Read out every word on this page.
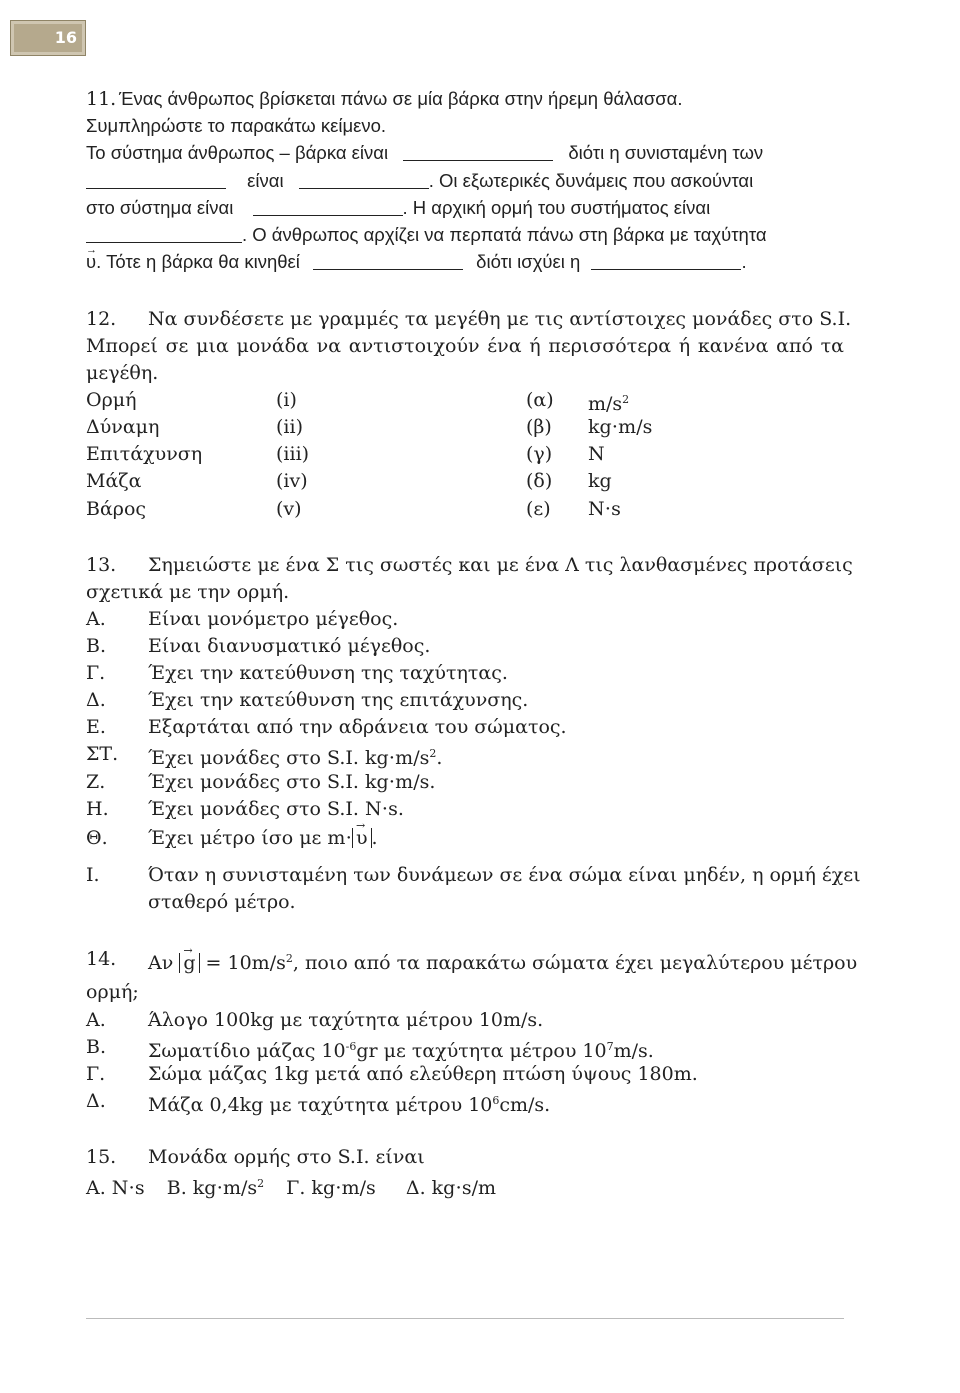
16
11. Ένας άνθρωπος βρίσκεται πάνω σε μία βάρκα στην ήρεμη θάλασσα.
Συμπληρώστε το παρακάτω κείμενο.
Το σύστημα άνθρωπος – βάρκα είναι	διότι η συνισταμένη των
είναι	. Οι εξωτερικές δυνάμεις που ασκούνται
στο σύστημα είναι	. Η αρχική ορμή του συστήματος είναι
. Ο άνθρωπος αρχίζει να περπατά πάνω στη βάρκα με ταχύτητα
→ υ. Τότε η βάρκα θα κινηθεί	διότι ισχύει η	.
12. Να συνδέσετε με γραμμές τα μεγέθη με τις αντίστοιχες μονάδες στο S.I.
Μπορεί σε μια μονάδα να αντιστοιχούν ένα ή περισσότερα ή κανένα από τα
μεγέθη.
Ορμή	(i)	(α) $m/s^2$
Δύναμη	(ii)	(β) kg⋅m/s
Επιτάχυνση	(iii)	(γ) N
Μάζα	(iv)	(δ) kg
Βάρος	(v)	(ε) N⋅s
13. Σημειώστε με ένα Σ τις σωστές και με ένα Λ τις λανθασμένες προτάσεις
σχετικά με την ορμή.
Α. Είναι μονόμετρο μέγεθος.
Β. Είναι διανυσματικό μέγεθος.
Γ. Έχει την κατεύθυνση της ταχύτητας.
Δ. Έχει την κατεύθυνση της επιτάχυνσης.
Ε. Εξαρτάται από την αδράνεια του σώματος.
ΣΤ. Έχει μονάδες στο S.I. $kg\cdot m/s^2$.
Ζ. Έχει μονάδες στο S.I. kg⋅m/s.
Η. Έχει μονάδες στο S.I. N⋅s.
Θ. Έχει μέτρο ίσο με m⋅ → υ .
Ι.	Όταν η συνισταμένη των δυνάμεων σε ένα σώμα είναι μηδέν, η ορμή έχει
σταθερό μέτρο.
14. $A\nu \to g = 10m/s^2$, ποιο από τα παρακάτω σώματα έχει μεγαλύτερου μέτρου
ορμή;
Α. Άλογο 100kg με ταχύτητα μέτρου 10m/s.
Β. Σωματίδιο μάζας $10^{-6}gr$ με ταχύτητα μέτρου $10^7m/s$.
Γ. Σώμα μάζας 1kg μετά από ελεύθερη πτώση ύψους 180m.
Δ. Μάζα 0,4kg με ταχύτητα μέτρου $10^6cm/s$.
15. Μονάδα ορμής στο S.I. είναι
Α. N⋅s Β. $kg\cdot m/s^2$ Γ. kg⋅m/s Δ. kg⋅s/m
